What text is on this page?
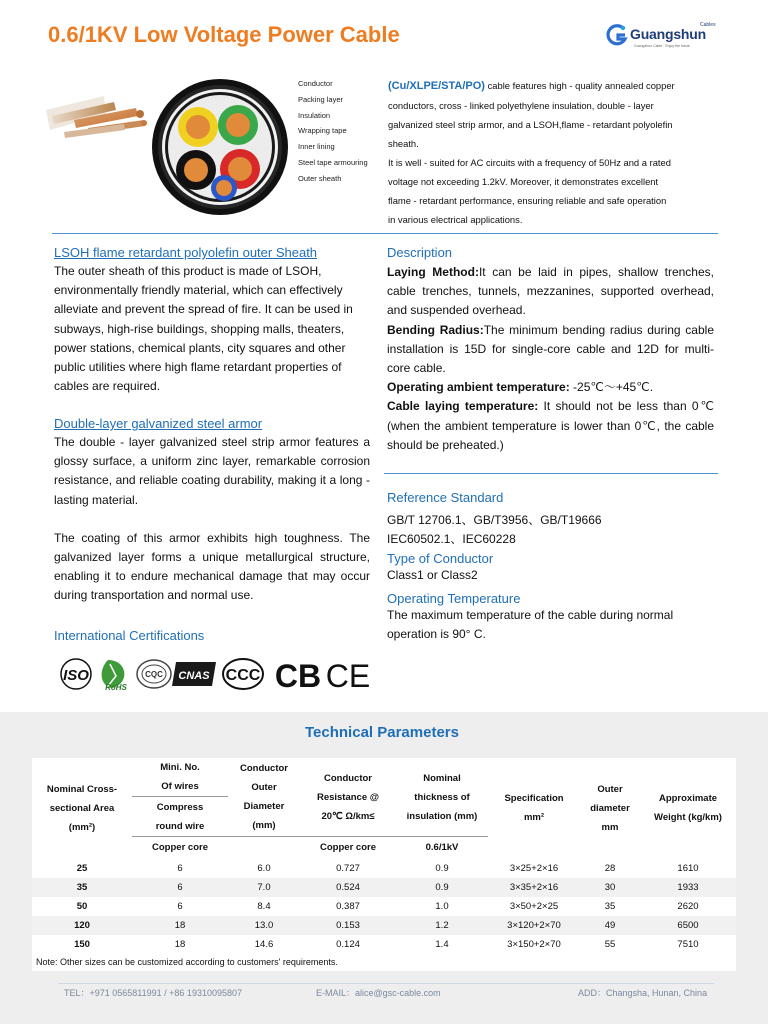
0.6/1KV Low Voltage Power Cable	Guangshun
Cables
Guangshun Cable · Enjoy the future
Conductor
Packing layer
Insulation
Wrapping tape
Inner lining
Steel tape armouring
Outer sheath
(Cu/XLPE/STA/PO) cable features high - quality annealed copper
conductors, cross - linked polyethylene insulation, double - layer
galvanized steel strip armor, and a LSOH,flame - retardant polyolefin
sheath.
It is well - suited for AC circuits with a frequency of 50Hz and a rated
voltage not exceeding 1.2kV. Moreover, it demonstrates excellent
flame - retardant performance, ensuring reliable and safe operation
in various electrical applications.
LSOH flame retardant polyolefin outer Sheath
The outer sheath of this product is made of LSOH, environmentally friendly material, which can effectively alleviate and prevent the spread of fire. It can be used in subways, high-rise buildings, shopping malls, theaters, power stations, chemical plants, city squares and other public utilities where high flame retardant properties of cables are required.
Double-layer galvanized steel armor
The double - layer galvanized steel strip armor features a glossy surface, a uniform zinc layer, remarkable corrosion resistance, and reliable coating durability, making it a long - lasting material.
The coating of this armor exhibits high toughness. The galvanized layer forms a unique metallurgical structure, enabling it to endure mechanical damage that may occur during transportation and normal use.
International Certifications
ISO
RoHS
CQC CNAS CCC CB CE
Description
Laying Method:It can be laid in pipes, shallow trenches, cable trenches, tunnels, mezzanines, supported overhead, and suspended overhead.
Bending Radius:The minimum bending radius during cable installation is 15D for single-core cable and 12D for multi-core cable.
Operating ambient temperature: -25℃～+45℃.
Cable laying temperature: It should not be less than 0℃ (when the ambient temperature is lower than 0℃, the cable should be preheated.)
Reference Standard
GB/T 12706.1、GB/T3956、GB/T19666
IEC60502.1、IEC60228
Type of Conductor
Class1 or Class2
Operating Temperature
The maximum temperature of the cable during normal operation is 90° C.
Technical Parameters
Nominal Cross-sectional Area
(mm²)	Mini. No. Of wires	Conductor Outer Diameter (mm)	Conductor Resistance @ 20℃ Ω/km≤	Nominal thickness of insulation (mm)	Specification
mm²	Outer diameter mm	Approximate Weight (kg/km)
	Compress round wire						
	Copper core		Copper core	0.6/1kV			
25	6	6.0	0.727	0.9	3×25+2×16	28	1610
35	6	7.0	0.524	0.9	3×35+2×16	30	1933
50	6	8.4	0.387	1.0	3×50+2×25	35	2620
120	18	13.0	0.153	1.2	3×120+2×70	49	6500
150	18	14.6	0.124	1.4	3×150+2×70	55	7510
Note: Other sizes can be customized according to customers' requirements.
TEL：+971 0565811991 / +86 19310095807	E-MAIL：alice@gsc-cable.com	ADD：Changsha, Hunan, China
